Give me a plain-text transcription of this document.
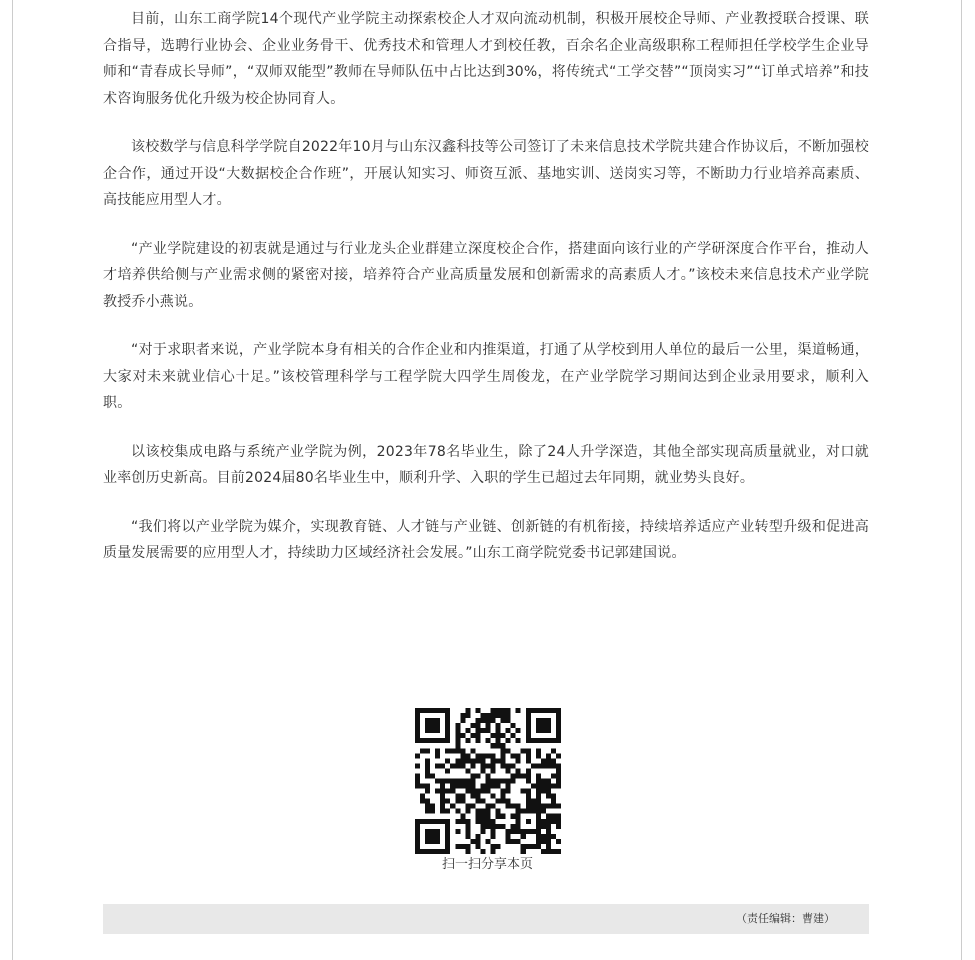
目前，山东工商学院14个现代产业学院主动探索校企人才双向流动机制，积极开展校企导师、产业教授联合授课、联合指导，选聘行业协会、企业业务骨干、优秀技术和管理人才到校任教，百余名企业高级职称工程师担任学校学生企业导师和“青春成长导师”，“双师双能型”教师在导师队伍中占比达到30%，将传统式“工学交替”“顶岗实习”“订单式培养”和技术咨询服务优化升级为校企协同育人。

该校数学与信息科学学院自2022年10月与山东汉鑫科技等公司签订了未来信息技术学院共建合作协议后，不断加强校企合作，通过开设“大数据校企合作班”，开展认知实习、师资互派、基地实训、送岗实习等，不断助力行业培养高素质、高技能应用型人才。

“产业学院建设的初衷就是通过与行业龙头企业群建立深度校企合作，搭建面向该行业的产学研深度合作平台，推动人才培养供给侧与产业需求侧的紧密对接，培养符合产业高质量发展和创新需求的高素质人才。”该校未来信息技术产业学院教授乔小燕说。

“对于求职者来说，产业学院本身有相关的合作企业和内推渠道，打通了从学校到用人单位的最后一公里，渠道畅通，大家对未来就业信心十足。”该校管理科学与工程学院大四学生周俊龙，在产业学院学习期间达到企业录用要求，顺利入职。

以该校集成电路与系统产业学院为例，2023年78名毕业生，除了24人升学深造，其他全部实现高质量就业，对口就业率创历史新高。目前2024届80名毕业生中，顺利升学、入职的学生已超过去年同期，就业势头良好。

“我们将以产业学院为媒介，实现教育链、人才链与产业链、创新链的有机衔接，持续培养适应产业转型升级和促进高质量发展需要的应用型人才，持续助力区域经济社会发展。”山东工商学院党委书记郭建国说。

扫一扫分享本页
（责任编辑：曹建）
